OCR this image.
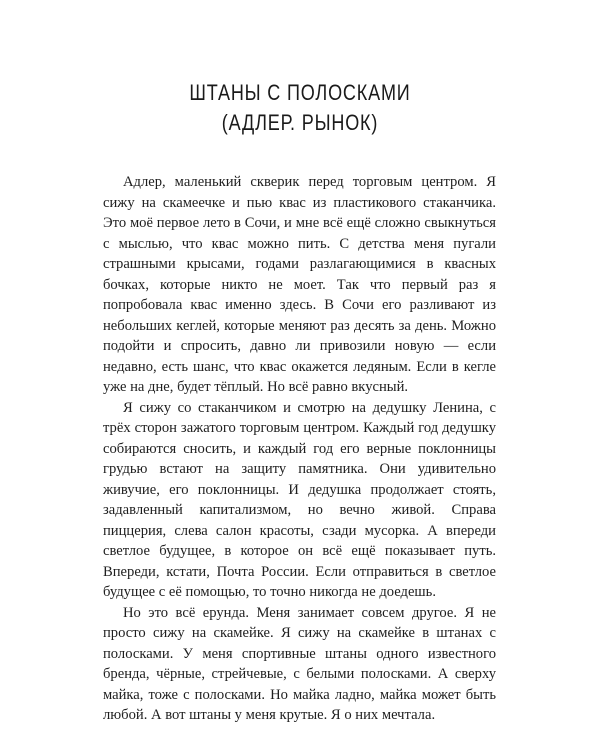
ШТАНЫ С ПОЛОСКАМИ
(АДЛЕР. РЫНОК)

Адлер, маленький скверик перед торговым центром. Я сижу на скамеечке и пью квас из пластикового стаканчика. Это моё первое лето в Сочи, и мне всё ещё сложно свыкнуться с мыслью, что квас можно пить. С детства меня пугали страшными крысами, годами разлагающимися в квасных бочках, которые никто не моет. Так что первый раз я попробовала квас именно здесь. В Сочи его разливают из небольших кеглей, которые меняют раз десять за день. Можно подойти и спросить, давно ли привозили новую — если недавно, есть шанс, что квас окажется ледяным. Если в кегле уже на дне, будет тёплый. Но всё равно вкусный.

Я сижу со стаканчиком и смотрю на дедушку Ленина, с трёх сторон зажатого торговым центром. Каждый год дедушку собираются сносить, и каждый год его верные поклонницы грудью встают на защиту памятника. Они удивительно живучие, его поклонницы. И дедушка продолжает стоять, задавленный капитализмом, но вечно живой. Справа пиццерия, слева салон красоты, сзади мусорка. А впереди светлое будущее, в которое он всё ещё показывает путь. Впереди, кстати, Почта России. Если отправиться в светлое будущее с её помощью, то точно никогда не доедешь.

Но это всё ерунда. Меня занимает совсем другое. Я не просто сижу на скамейке. Я сижу на скамейке в штанах с полосками. У меня спортивные штаны одного известного бренда, чёрные, стрейчевые, с белыми полосками. А сверху майка, тоже с полосками. Но майка ладно, майка может быть любой. А вот штаны у меня крутые. Я о них мечтала.
